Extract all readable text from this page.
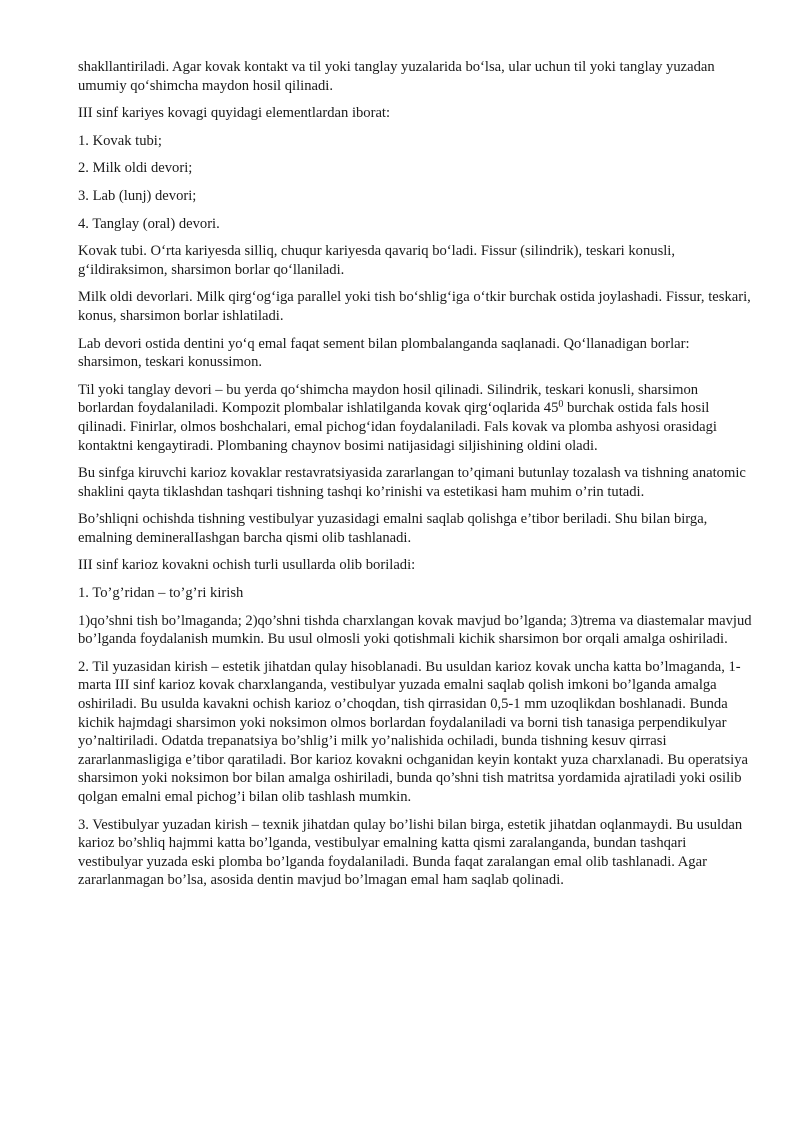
shakllantiriladi. Agar kovak kontakt va til yoki tanglay yuzalarida bo‘lsa, ular uchun til yoki tanglay yuzadan umumiy qo‘shimcha maydon hosil qilinadi.

III sinf kariyes kovagi quyidagi elementlardan iborat:

1. Kovak tubi;

2. Milk oldi devori;

3. Lab (lunj) devori;

4. Tanglay (oral) devori.

Kovak tubi. O‘rta kariyesda silliq, chuqur kariyesda qavariq bo‘ladi. Fissur (silindrik), teskari konusli, g‘ildiraksimon, sharsimon borlar qo‘llaniladi.

Milk oldi devorlari. Milk qirg‘og‘iga parallel yoki tish bo‘shlig‘iga o‘tkir burchak ostida joylashadi. Fissur, teskari, konus, sharsimon borlar ishlatiladi.

Lab devori ostida dentini yo‘q emal faqat sement bilan plombalanganda saqlanadi. Qo‘llanadigan borlar: sharsimon, teskari konussimon.

Til yoki tanglay devori – bu yerda qo‘shimcha maydon hosil qilinadi. Silindrik, teskari konusli, sharsimon borlardan foydalaniladi. Kompozit plombalar ishlatilganda kovak qirg‘oqlarida $45^0$ burchak ostida fals hosil qilinadi. Finirlar, olmos boshchalari, emal pichog‘idan foydalaniladi. Fals kovak va plomba ashyosi orasidagi kontaktni kengaytiradi. Plombaning chaynov bosimi natijasidagi siljishining oldini oladi.

Bu sinfga kiruvchi karioz kovaklar restavratsiyasida zararlangan to’qimani butunlay tozalash va tishning anatomic shaklini qayta tiklashdan tashqari tishning tashqi ko’rinishi va estetikasi ham muhim o’rin tutadi.

Bo’shliqni ochishda tishning vestibulyar yuzasidagi emalni saqlab qolishga e’tibor beriladi. Shu bilan birga, emalning demineralIashgan barcha qismi olib tashlanadi.

III sinf karioz kovakni ochish turli usullarda olib boriladi:

1. To’g’ridan – to’g’ri kirish

1)qo’shni tish bo’lmaganda; 2)qo’shni tishda charxlangan kovak mavjud bo’lganda; 3)trema va diastemalar mavjud bo’lganda foydalanish mumkin. Bu usul olmosli yoki qotishmali kichik sharsimon bor orqali amalga oshiriladi.

2. Til yuzasidan kirish – estetik jihatdan qulay hisoblanadi. Bu usuldan karioz kovak uncha katta bo’lmaganda, 1-marta III sinf karioz kovak charxlanganda, vestibulyar yuzada emalni saqlab qolish imkoni bo’lganda amalga oshiriladi. Bu usulda kavakni ochish karioz o’choqdan, tish qirrasidan 0,5-1 mm uzoqlikdan boshlanadi. Bunda kichik hajmdagi sharsimon yoki noksimon olmos borlardan foydalaniladi va borni tish tanasiga perpendikulyar yo’naltiriladi. Odatda trepanatsiya bo’shlig’i milk yo’nalishida ochiladi, bunda tishning kesuv qirrasi zararlanmasligiga e’tibor qaratiladi. Bor karioz kovakni ochganidan keyin kontakt yuza charxlanadi. Bu operatsiya sharsimon yoki noksimon bor bilan amalga oshiriladi, bunda qo’shni tish matritsa yordamida ajratiladi yoki osilib qolgan emalni emal pichog’i bilan olib tashlash mumkin.

3. Vestibulyar yuzadan kirish – texnik jihatdan qulay bo’lishi bilan birga, estetik jihatdan oqlanmaydi. Bu usuldan karioz bo’shliq hajmmi katta bo’lganda, vestibulyar emalning katta qismi zaralanganda, bundan tashqari vestibulyar yuzada eski plomba bo’lganda foydalaniladi. Bunda faqat zaralangan emal olib tashlanadi. Agar zararlanmagan bo’lsa, asosida dentin mavjud bo’lmagan emal ham saqlab qolinadi.
